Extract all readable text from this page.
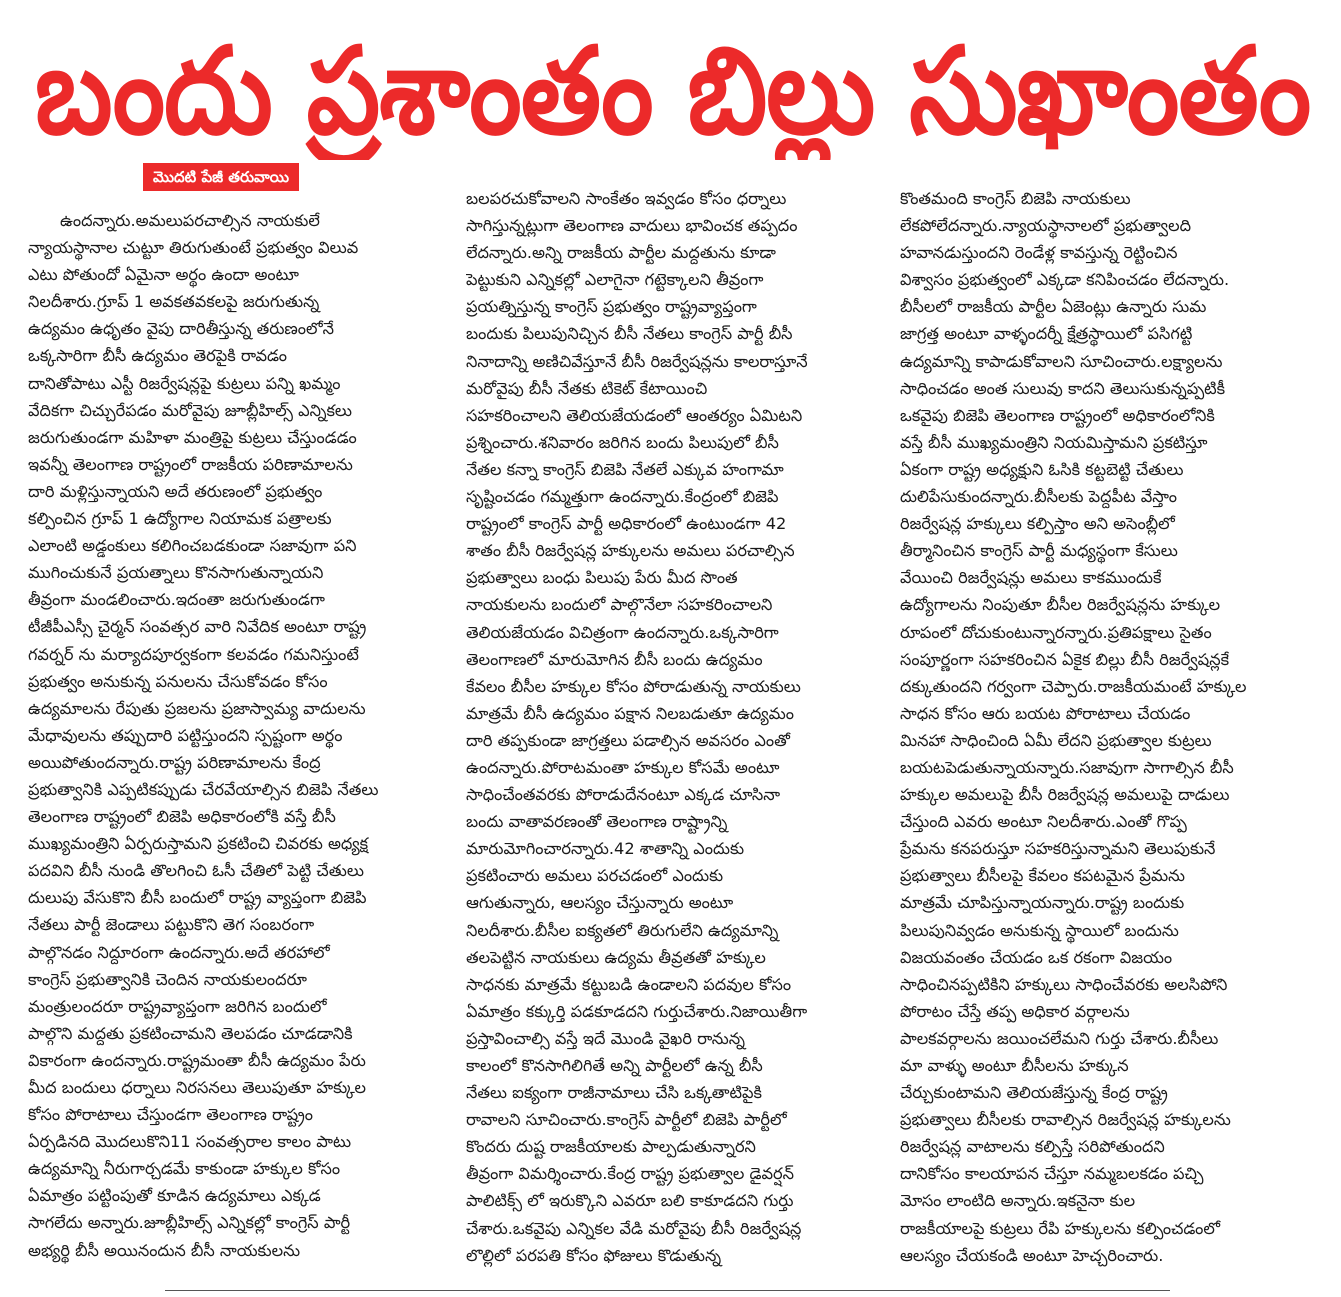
బందు ప్రశాంతం బిల్లు సుఖాంతం
మొదటి పేజీ తరువాయి
ఉందన్నారు.అమలుపరచాల్సిన నాయకులే
న్యాయస్థానాల చుట్టూ తిరుగుతుంటే ప్రభుత్వం విలువ
ఎటు పోతుందో ఏమైనా అర్థం ఉందా అంటూ
నిలదీశారు.గ్రూప్ 1 అవకతవకలపై జరుగుతున్న
ఉద్యమం ఉధృతం వైపు దారితీస్తున్న తరుణంలోనే
ఒక్కసారిగా బీసీ ఉద్యమం తెరపైకి రావడం
దానితోపాటు ఎస్టీ రిజర్వేషన్లపై కుట్రలు పన్ని ఖమ్మం
వేదికగా చిచ్చురేపడం మరోవైపు జూబ్లీహిల్స్ ఎన్నికలు
జరుగుతుండగా మహిళా మంత్రిపై కుట్రలు చేస్తుండడం
ఇవన్నీ తెలంగాణ రాష్ట్రంలో రాజకీయ పరిణామాలను
దారి మళ్లిస్తున్నాయని అదే తరుణంలో ప్రభుత్వం
కల్పించిన గ్రూప్ 1 ఉద్యోగాల నియామక పత్రాలకు
ఎలాంటి అడ్డంకులు కలిగించబడకుండా సజావుగా పని
ముగించుకునే ప్రయత్నాలు కొనసాగుతున్నాయని
తీవ్రంగా మండలించారు.ఇదంతా జరుగుతుండగా
టీజీపీఎస్సీ చైర్మన్ సంవత్సర వారి నివేదిక అంటూ రాష్ట్ర
గవర్నర్ ను మర్యాదపూర్వకంగా కలవడం గమనిస్తుంటే
ప్రభుత్వం అనుకున్న పనులను చేసుకోవడం కోసం
ఉద్యమాలను రేపుతు ప్రజలను ప్రజాస్వామ్య వాదులను
మేధావులను తప్పుదారి పట్టిస్తుందని స్పష్టంగా అర్థం
అయిపోతుందన్నారు.రాష్ట్ర పరిణామాలను కేంద్ర
ప్రభుత్వానికి ఎప్పటికప్పుడు చేరవేయాల్సిన బిజెపి నేతలు
తెలంగాణ రాష్ట్రంలో బిజెపి అధికారంలోకి వస్తే బీసీ
ముఖ్యమంత్రిని ఏర్పరుస్తామని ప్రకటించి చివరకు అధ్యక్ష
పదవిని బీసీ నుండి తొలగించి ఓసీ చేతిలో పెట్టి చేతులు
దులుపు వేసుకొని బీసీ బందులో రాష్ట్ర వ్యాప్తంగా బిజెపి
నేతలు పార్టీ జెండాలు పట్టుకొని తెగ సంబరంగా
పాల్గొనడం నిద్దూరంగా ఉందన్నారు.అదే తరహాలో
కాంగ్రెస్ ప్రభుత్వానికి చెందిన నాయకులందరూ
మంత్రులందరూ రాష్ట్రవ్యాప్తంగా జరిగిన బందులో
పాల్గొని మద్దతు ప్రకటించామని తెలపడం చూడడానికి
వికారంగా ఉందన్నారు.రాష్ట్రమంతా బీసీ ఉద్యమం పేరు
మీద బందులు ధర్నాలు నిరసనలు తెలుపుతూ హక్కుల
కోసం పోరాటాలు చేస్తుండగా తెలంగాణ రాష్ట్రం
ఏర్పడినది మొదలుకొని11 సంవత్సరాల కాలం పాటు
ఉద్యమాన్ని నీరుగార్చడమే కాకుండా హక్కుల కోసం
ఏమాత్రం పట్టింపుతో కూడిన ఉద్యమాలు ఎక్కడ
సాగలేదు అన్నారు.జూబ్లీహిల్స్ ఎన్నికల్లో కాంగ్రెస్ పార్టీ
అభ్యర్థి బీసీ అయినందున బీసీ నాయకులను
బలపరచుకోవాలని సాంకేతం ఇవ్వడం కోసం ధర్నాలు
సాగిస్తున్నట్లుగా తెలంగాణ వాదులు భావించక తప్పదం
లేదన్నారు.అన్ని రాజకీయ పార్టీల మద్దతును కూడా
పెట్టుకుని ఎన్నికల్లో ఎలాగైనా గట్టెక్కాలని తీవ్రంగా
ప్రయత్నిస్తున్న కాంగ్రెస్ ప్రభుత్వం రాష్ట్రవ్యాప్తంగా
బందుకు పిలుపునిచ్చిన బీసీ నేతలు కాంగ్రెస్ పార్టీ బీసీ
నినాదాన్ని అణిచివేస్తూనే బీసీ రిజర్వేషన్లను కాలరాస్తూనే
మరోవైపు బీసీ నేతకు టికెట్ కేటాయించి
సహకరించాలని తెలియజేయడంలో ఆంతర్యం ఏమిటని
ప్రశ్నించారు.శనివారం జరిగిన బందు పిలుపులో బీసీ
నేతల కన్నా కాంగ్రెస్ బిజెపి నేతలే ఎక్కువ హంగామా
సృష్టించడం గమ్మత్తుగా ఉందన్నారు.కేంద్రంలో బిజెపి
రాష్ట్రంలో కాంగ్రెస్ పార్టీ అధికారంలో ఉంటుండగా 42
శాతం బీసీ రిజర్వేషన్ల హక్కులను అమలు పరచాల్సిన
ప్రభుత్వాలు బంధు పిలుపు పేరు మీద సొంత
నాయకులను బందులో పాల్గొనేలా సహకరించాలని
తెలియజేయడం విచిత్రంగా ఉందన్నారు.ఒక్కసారిగా
తెలంగాణలో మారుమోగిన బీసీ బందు ఉద్యమం
కేవలం బీసీల హక్కుల కోసం పోరాడుతున్న నాయకులు
మాత్రమే బీసీ ఉద్యమం పక్షాన నిలబడుతూ ఉద్యమం
దారి తప్పకుండా జాగ్రత్తలు పడాల్సిన అవసరం ఎంతో
ఉందన్నారు.పోరాటమంతా హక్కుల కోసమే అంటూ
సాధించేంతవరకు పోరాడుదేనంటూ ఎక్కడ చూసినా
బందు వాతావరణంతో తెలంగాణ రాష్ట్రాన్ని
మారుమోగించారన్నారు.42 శాతాన్ని ఎందుకు
ప్రకటించారు అమలు పరచడంలో ఎందుకు
ఆగుతున్నారు, ఆలస్యం చేస్తున్నారు అంటూ
నిలదీశారు.బీసీల ఐక్యతలో తిరుగులేని ఉద్యమాన్ని
తలపెట్టిన నాయకులు ఉద్యమ తీవ్రతతో హక్కుల
సాధనకు మాత్రమే కట్టుబడి ఉండాలని పదవుల కోసం
ఏమాత్రం కక్కుర్తి పడకూడదని గుర్తుచేశారు.నిజాయితీగా
ప్రస్తావించాల్సి వస్తే ఇదే మొండి వైఖరి రానున్న
కాలంలో కొనసాగిలిగితే అన్ని పార్టీలలో ఉన్న బీసీ
నేతలు ఐక్యంగా రాజీనామాలు చేసి ఒక్కతాటిపైకి
రావాలని సూచించారు.కాంగ్రెస్ పార్టీలో బిజెపి పార్టీలో
కొందరు దుష్ట రాజకీయాలకు పాల్పడుతున్నారని
తీవ్రంగా విమర్శించారు.కేంద్ర రాష్ట్ర ప్రభుత్వాల డైవర్షన్
పాలిటిక్స్ లో ఇరుక్కొని ఎవరూ బలి కాకూడదని గుర్తు
చేశారు.ఒకవైపు ఎన్నికల వేడి మరోవైపు బీసీ రిజర్వేషన్ల
లొల్లిలో పరపతి కోసం ఫోజులు కొడుతున్న
కొంతమంది కాంగ్రెస్ బిజెపి నాయకులు
లేకపోలేదన్నారు.న్యాయస్థానాలలో ప్రభుత్వాలది
హవానడుస్తుందని రెండేళ్ల కావస్తున్న రెట్టించిన
విశ్వాసం ప్రభుత్వంలో ఎక్కడా కనిపించడం లేదన్నారు.
బీసీలలో రాజకీయ పార్టీల ఏజెంట్లు ఉన్నారు సుమ
జాగ్రత్త అంటూ వాళ్ళందర్నీ క్షేత్రస్థాయిలో పసిగట్టి
ఉద్యమాన్ని కాపాడుకోవాలని సూచించారు.లక్ష్యాలను
సాధించడం అంత సులువు కాదని తెలుసుకున్నప్పటికీ
ఒకవైపు బిజెపి తెలంగాణ రాష్ట్రంలో అధికారంలోనికి
వస్తే బీసీ ముఖ్యమంత్రిని నియమిస్తామని ప్రకటిస్తూ
ఏకంగా రాష్ట్ర అధ్యక్షుని ఓసికి కట్టబెట్టి చేతులు
దులిపేసుకుందన్నారు.బీసీలకు పెద్దపీట వేస్తాం
రిజర్వేషన్ల హక్కులు కల్పిస్తాం అని అసెంబ్లీలో
తీర్మానించిన కాంగ్రెస్ పార్టీ మధ్యస్థంగా కేసులు
వేయించి రిజర్వేషన్లు అమలు కాకముందుకే
ఉద్యోగాలను నింపుతూ బీసీల రిజర్వేషన్లను హక్కుల
రూపంలో దోచుకుంటున్నారన్నారు.ప్రతిపక్షాలు సైతం
సంపూర్ణంగా సహకరించిన ఏకైక బిల్లు బీసీ రిజర్వేషన్లకే
దక్కుతుందని గర్వంగా చెప్పారు.రాజకీయమంటే హక్కుల
సాధన కోసం ఆరు బయట పోరాటాలు చేయడం
మినహా సాధించింది ఏమీ లేదని ప్రభుత్వాల కుట్రలు
బయటపెడుతున్నాయన్నారు.సజావుగా సాగాల్సిన బీసీ
హక్కుల అమలుపై బీసీ రిజర్వేషన్ల అమలుపై దాడులు
చేస్తుంది ఎవరు అంటూ నిలదీశారు.ఎంతో గొప్ప
ప్రేమను కనపరుస్తూ సహకరిస్తున్నామని తెలుపుకునే
ప్రభుత్వాలు బీసీలపై కేవలం కపటమైన ప్రేమను
మాత్రమే చూపిస్తున్నాయన్నారు.రాష్ట్ర బందుకు
పిలుపునివ్వడం అనుకున్న స్థాయిలో బందును
విజయవంతం చేయడం ఒక రకంగా విజయం
సాధించినప్పటికిని హక్కులు సాధించేవరకు అలసిపోని
పోరాటం చేస్తే తప్ప అధికార వర్గాలను
పాలకవర్గాలను జయించలేమని గుర్తు చేశారు.బీసీలు
మా వాళ్ళు అంటూ బీసీలను హక్కున
చేర్చుకుంటామని తెలియజేస్తున్న కేంద్ర రాష్ట్ర
ప్రభుత్వాలు బీసీలకు రావాల్సిన రిజర్వేషన్ల హక్కులను
రిజర్వేషన్ల వాటాలను కల్పిస్తే సరిపోతుందని
దానికోసం కాలయాపన చేస్తూ నమ్మబలకడం పచ్చి
మోసం లాంటిది అన్నారు.ఇకనైనా కుల
రాజకీయాలపై కుట్రలు రేపి హక్కులను కల్పించడంలో
ఆలస్యం చేయకండి అంటూ హెచ్చరించారు.
